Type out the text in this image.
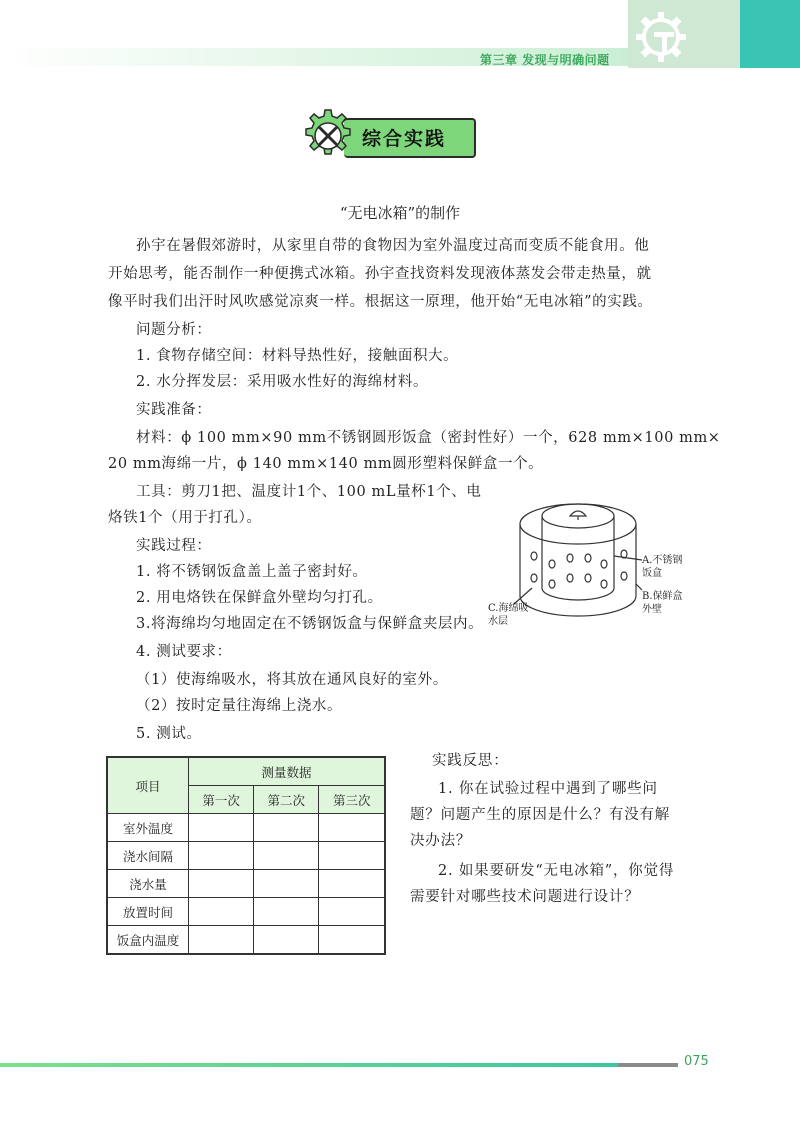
第三章 发现与明确问题
综合实践
“无电冰箱”的制作
孙宇在暑假郊游时，从家里自带的食物因为室外温度过高而变质不能食用。他
开始思考，能否制作一种便携式冰箱。孙宇查找资料发现液体蒸发会带走热量，就
像平时我们出汗时风吹感觉凉爽一样。根据这一原理，他开始“无电冰箱”的实践。
问题分析：
1. 食物存储空间：材料导热性好，接触面积大。
2. 水分挥发层：采用吸水性好的海绵材料。
实践准备：
材料：ϕ 100 mm×90 mm不锈钢圆形饭盒（密封性好）一个，628 mm×100 mm×
20 mm海绵一片，ϕ 140 mm×140 mm圆形塑料保鲜盒一个。
工具：剪刀1把、温度计1个、100 mL量杯1个、电
烙铁1个（用于打孔）。
实践过程：
1. 将不锈钢饭盒盖上盖子密封好。
2. 用电烙铁在保鲜盒外壁均匀打孔。
3.将海绵均匀地固定在不锈钢饭盒与保鲜盒夹层内。
4. 测试要求：
（1）使海绵吸水，将其放在通风良好的室外。
（2）按时定量往海绵上浇水。
5. 测试。
A.不锈钢
饭盒
B.保鲜盒
外壁
C.海绵吸
水层
项目	测量数据		
	第一次	第二次	第三次
室外温度			
浇水间隔			
浇水量			
放置时间			
饭盒内温度			
实践反思：
1. 你在试验过程中遇到了哪些问题？问题产生的原因是什么？有没有解决办法？
2. 如果要研发“无电冰箱”，你觉得需要针对哪些技术问题进行设计？
075
